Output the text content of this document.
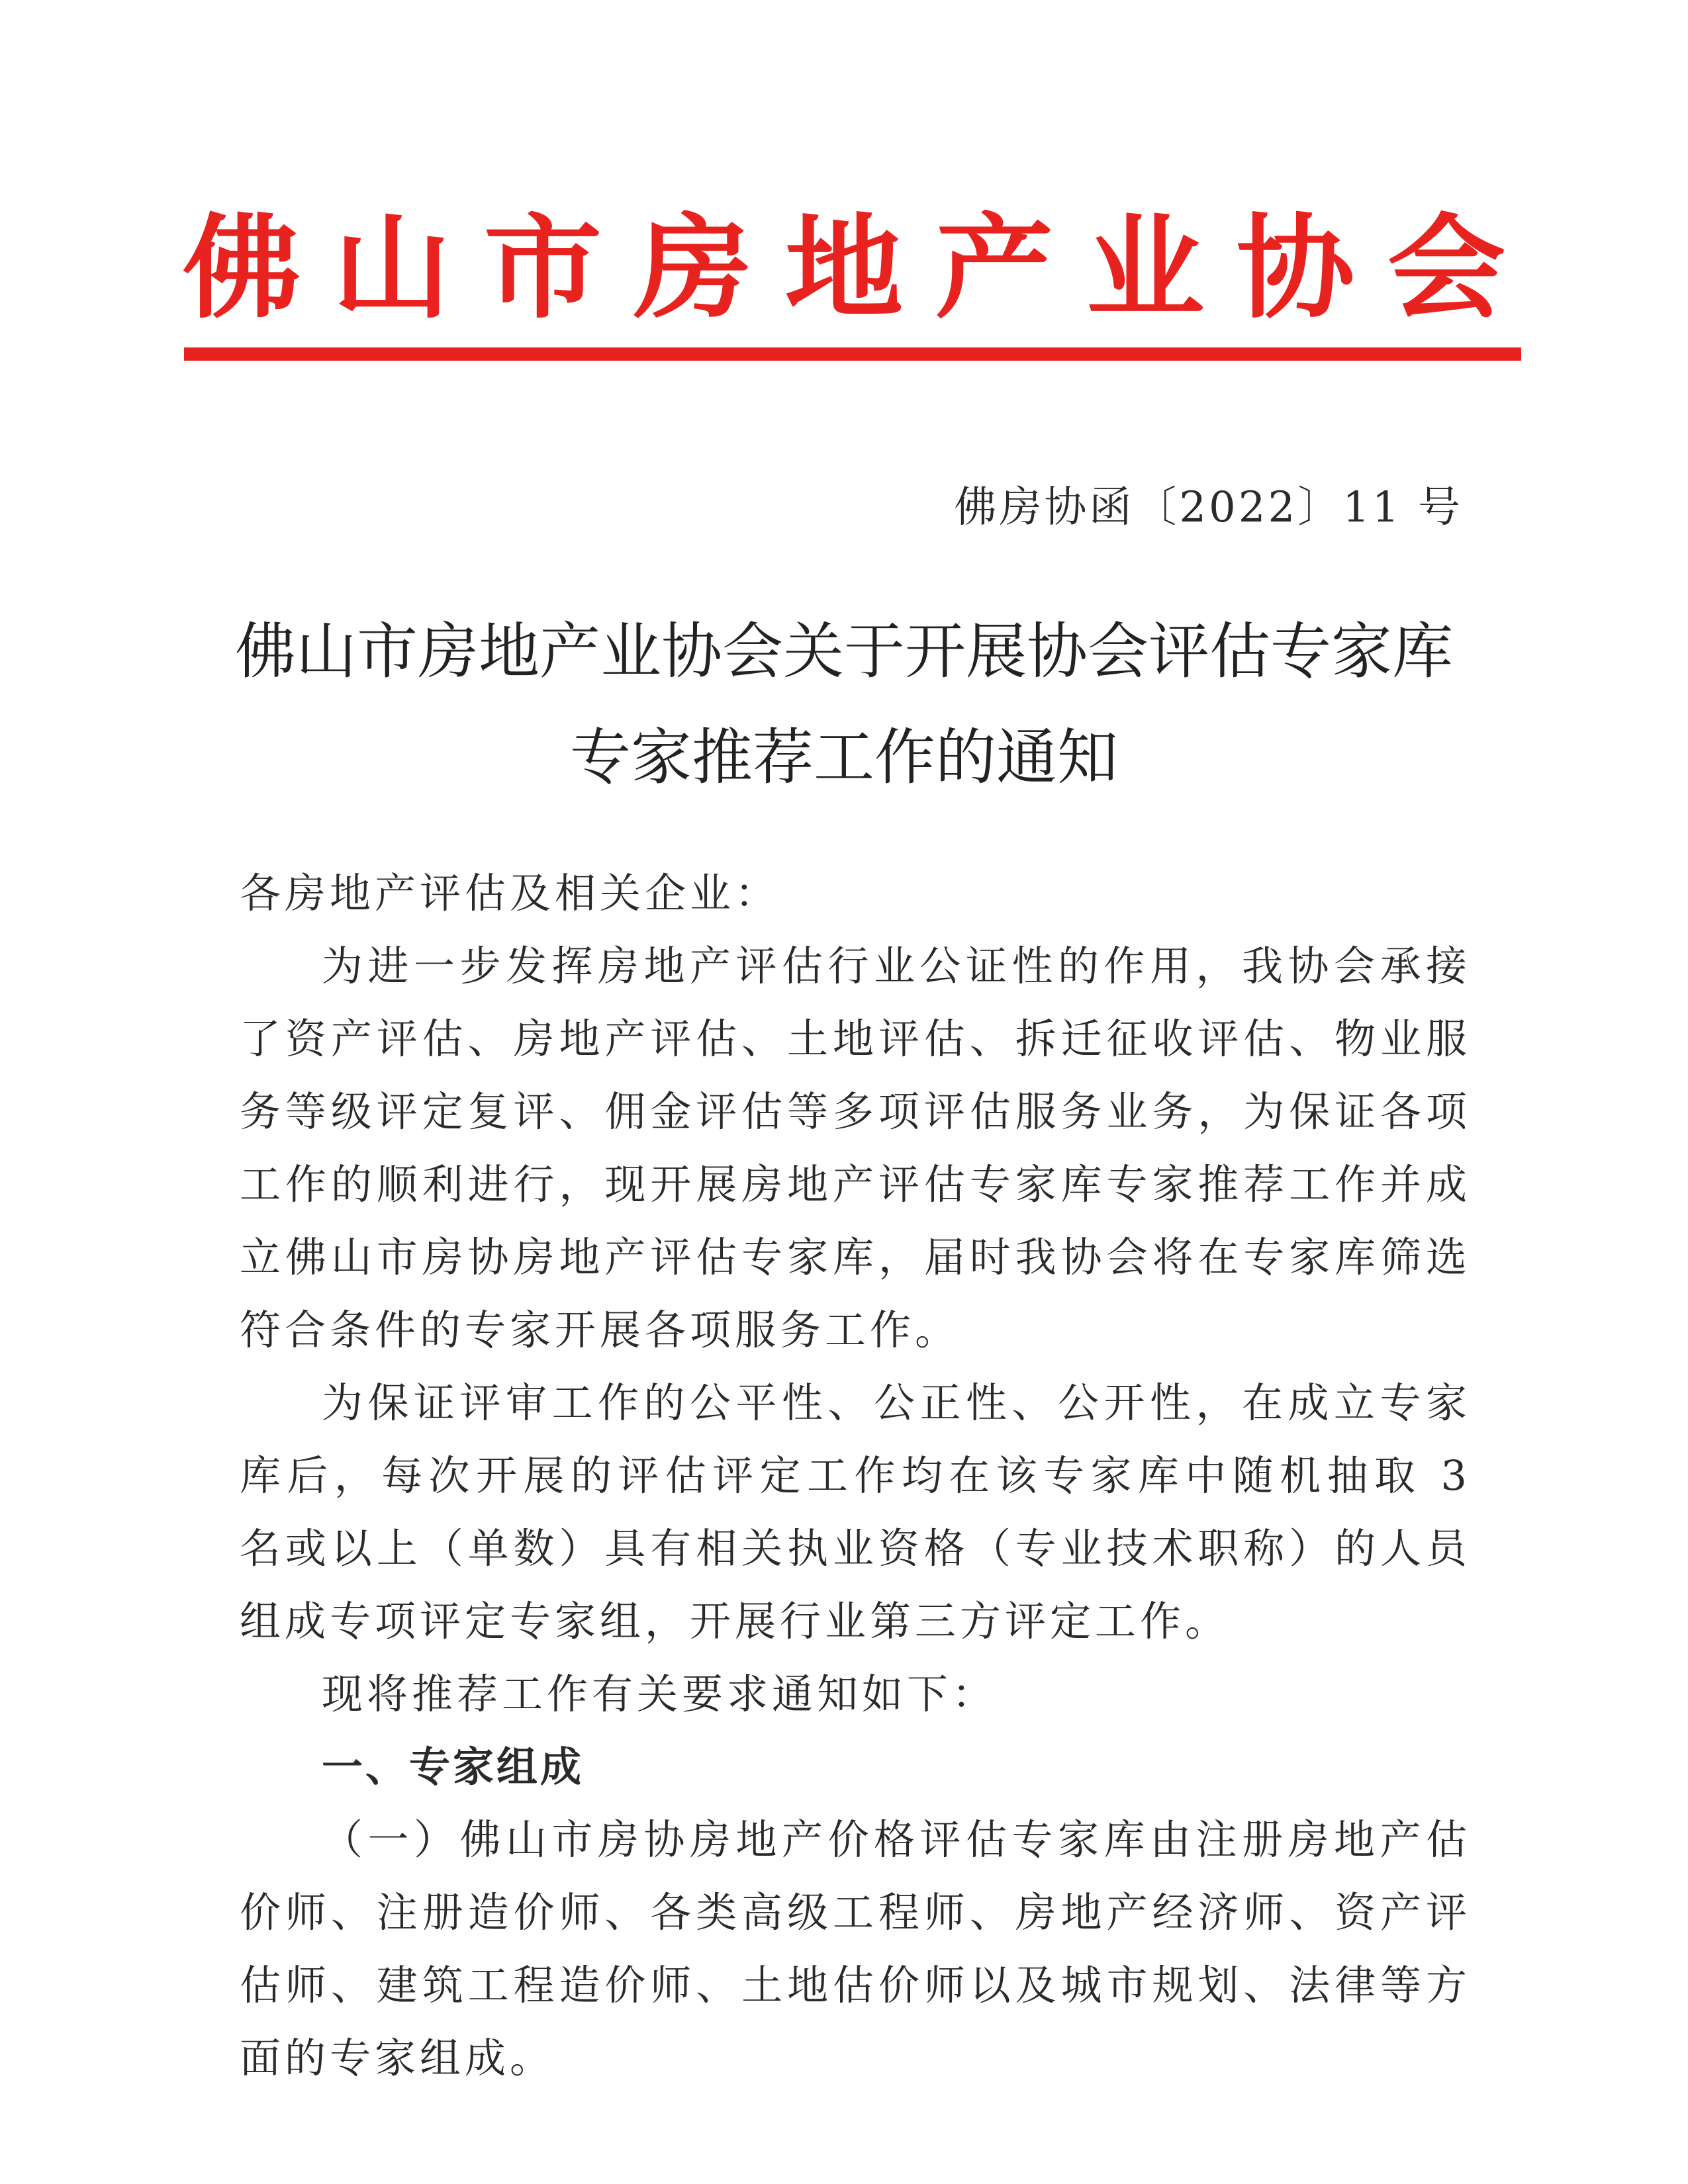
佛 山 市 房 地 产 业 协 会
佛房协函〔2022〕11 号
佛山市房地产业协会关于开展协会评估专家库
专家推荐工作的通知

各房地产评估及相关企业：

为进一步发挥房地产评估行业公证性的作用，我协会承接了资产评估、房地产评估、土地评估、拆迁征收评估、物业服务等级评定复评、佣金评估等多项评估服务业务，为保证各项工作的顺利进行，现开展房地产评估专家库专家推荐工作并成立佛山市房协房地产评估专家库，届时我协会将在专家库筛选符合条件的专家开展各项服务工作。

为保证评审工作的公平性、公正性、公开性，在成立专家库后，每次开展的评估评定工作均在该专家库中随机抽取 3 名或以上（单数）具有相关执业资格（专业技术职称）的人员组成专项评定专家组，开展行业第三方评定工作。

现将推荐工作有关要求通知如下：

一、专家组成

（一）佛山市房协房地产价格评估专家库由注册房地产估价师、注册造价师、各类高级工程师、房地产经济师、资产评估师、建筑工程造价师、土地估价师以及城市规划、法律等方面的专家组成。
